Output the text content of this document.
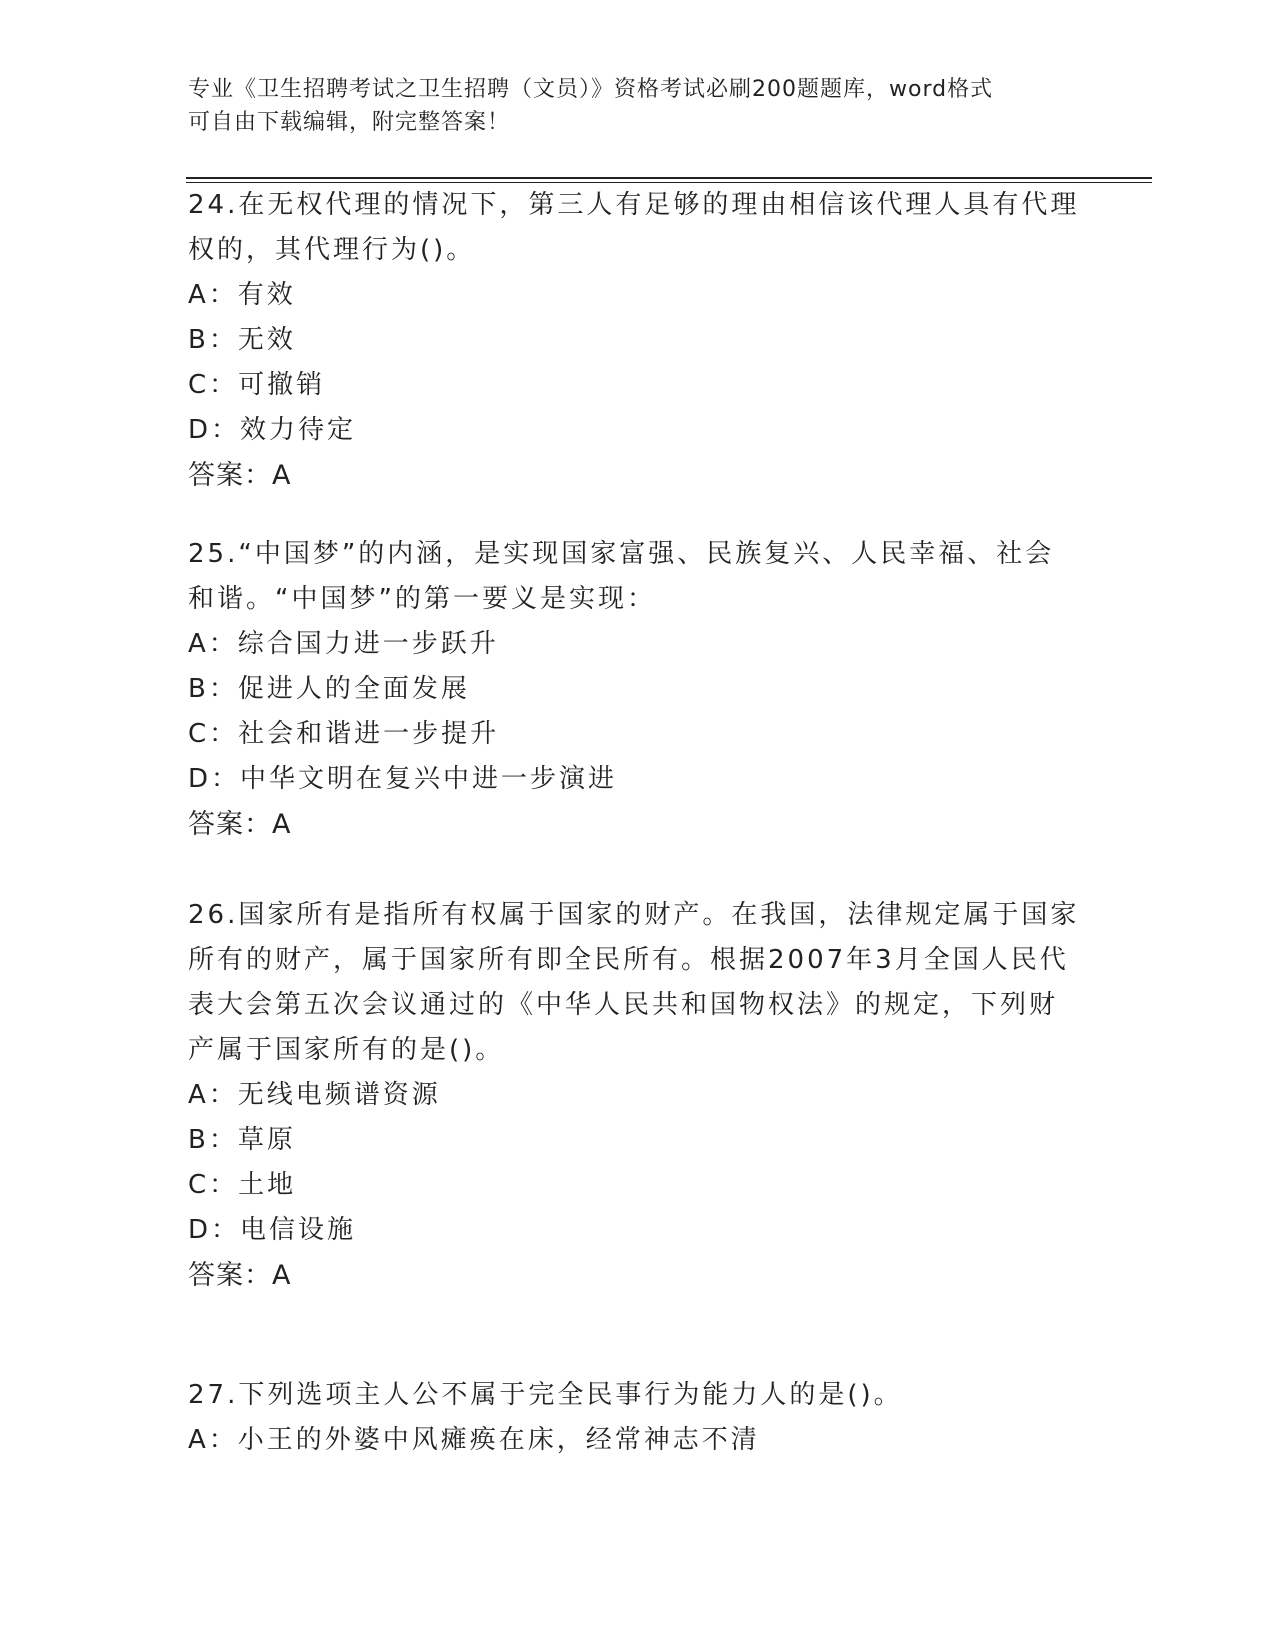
专业《卫生招聘考试之卫生招聘（文员）》资格考试必刷200题题库，word格式
可自由下载编辑，附完整答案！

24.在无权代理的情况下，第三人有足够的理由相信该代理人具有代理

权的，其代理行为()。

A：有效

B：无效

C：可撤销

D：效力待定

答案：A

25.“中国梦”的内涵，是实现国家富强、民族复兴、人民幸福、社会

和谐。“中国梦”的第一要义是实现：

A：综合国力进一步跃升

B：促进人的全面发展

C：社会和谐进一步提升

D：中华文明在复兴中进一步演进

答案：A

26.国家所有是指所有权属于国家的财产。在我国，法律规定属于国家

所有的财产，属于国家所有即全民所有。根据2007年3月全国人民代

表大会第五次会议通过的《中华人民共和国物权法》的规定，下列财

产属于国家所有的是()。

A：无线电频谱资源

B：草原

C：土地

D：电信设施

答案：A

27.下列选项主人公不属于完全民事行为能力人的是()。

A：小王的外婆中风瘫痪在床，经常神志不清
